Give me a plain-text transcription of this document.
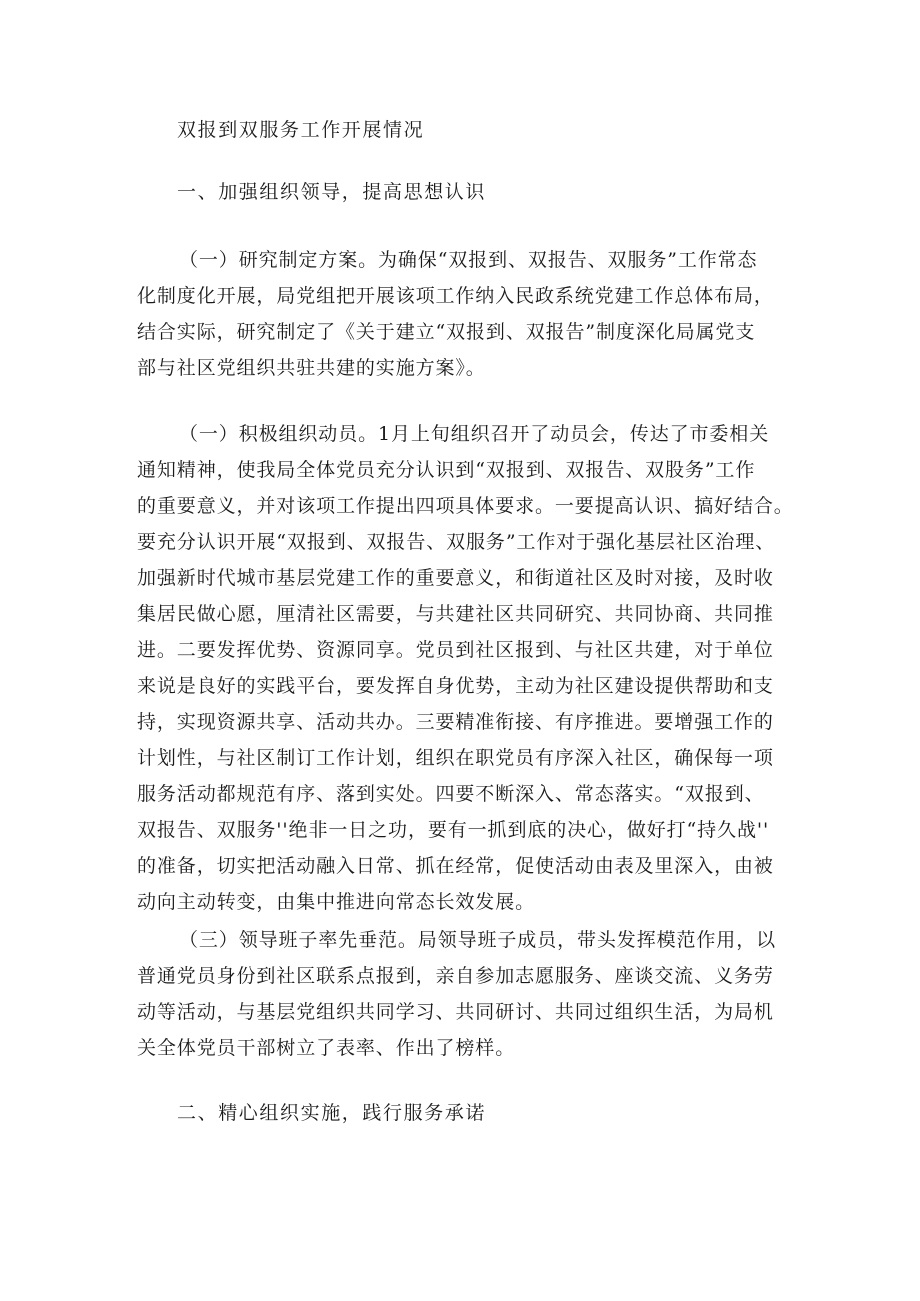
双报到双服务工作开展情况
一、加强组织领导，提高思想认识
（一）研究制定方案。为确保“双报到、双报告、双服务”工作常态
化制度化开展，局党组把开展该项工作纳入民政系统党建工作总体布局，
结合实际，研究制定了《关于建立“双报到、双报告”制度深化局属党支
部与社区党组织共驻共建的实施方案》。
（一）积极组织动员。1月上旬组织召开了动员会，传达了市委相关
通知精神，使我局全体党员充分认识到“双报到、双报告、双股务”工作
的重要意义，并对该项工作提出四项具体要求。一要提高认识、搞好结合。
要充分认识开展“双报到、双报告、双服务”工作对于强化基层社区治理、
加强新时代城市基层党建工作的重要意义，和街道社区及时对接，及时收
集居民做心愿，厘清社区需要，与共建社区共同研究、共同协商、共同推
进。二要发挥优势、资源同享。党员到社区报到、与社区共建，对于单位
来说是良好的实践平台，要发挥自身优势，主动为社区建设提供帮助和支
持，实现资源共享、活动共办。三要精准衔接、有序推进。要增强工作的
计划性，与社区制订工作计划，组织在职党员有序深入社区，确保每一项
服务活动都规范有序、落到实处。四要不断深入、常态落实。“双报到、
双报告、双服务''绝非一日之功，要有一抓到底的决心，做好打“持久战''
的准备，切实把活动融入日常、抓在经常，促使活动由表及里深入，由被
动向主动转变，由集中推进向常态长效发展。
（三）领导班子率先垂范。局领导班子成员，带头发挥模范作用，以
普通党员身份到社区联系点报到，亲自参加志愿服务、座谈交流、义务劳
动等活动，与基层党组织共同学习、共同研讨、共同过组织生活，为局机
关全体党员干部树立了表率、作出了榜样。
二、精心组织实施，践行服务承诺
